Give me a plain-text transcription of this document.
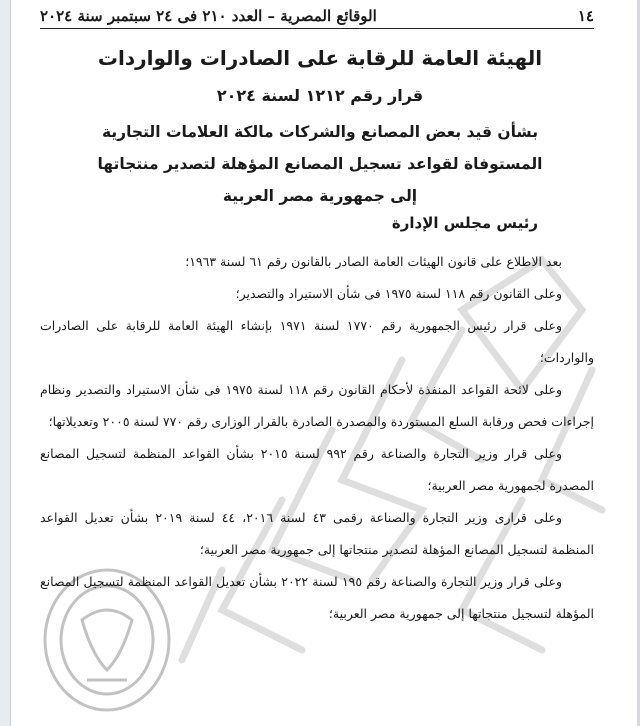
١٤
الوقائع المصرية – العدد ٢١٠ فى ٢٤ سبتمبر سنة ٢٠٢٤
الهيئة العامة للرقابة على الصادرات والواردات
قرار رقم ١٢١٢ لسنة ٢٠٢٤
بشأن قيد بعض المصانع والشركات مالكة العلامات التجارية
المستوفاة لقواعد تسجيل المصانع المؤهلة لتصدير منتجاتها
إلى جمهورية مصر العربية
رئيس مجلس الإدارة

بعد الاطلاع على قانون الهيئات العامة الصادر بالقانون رقم ٦١ لسنة ١٩٦٣؛

وعلى القانون رقم ١١٨ لسنة ١٩٧٥ فى شأن الاستيراد والتصدير؛

وعلى قرار رئيس الجمهورية رقم ١٧٧٠ لسنة ١٩٧١ بإنشاء الهيئة العامة للرقابة على الصادرات والواردات؛

وعلى لائحة القواعد المنفذة لأحكام القانون رقم ١١٨ لسنة ١٩٧٥ فى شأن الاستيراد والتصدير ونظام إجراءات فحص ورقابة السلع المستوردة والمصدرة الصادرة بالقرار الوزارى رقم ٧٧٠ لسنة ٢٠٠٥ وتعديلاتها؛

وعلى قرار وزير التجارة والصناعة رقم ٩٩٢ لسنة ٢٠١٥ بشأن القواعد المنظمة لتسجيل المصانع المصدرة لجمهورية مصر العربية؛

وعلى قرارى وزير التجارة والصناعة رقمى ٤٣ لسنة ٢٠١٦، ٤٤ لسنة ٢٠١٩ بشأن تعديل القواعد المنظمة لتسجيل المصانع المؤهلة لتصدير منتجاتها إلى جمهورية مصر العربية؛

وعلى قرار وزير التجارة والصناعة رقم ١٩٥ لسنة ٢٠٢٢ بشأن تعديل القواعد المنظمة لتسجيل المصانع المؤهلة لتسجيل منتجاتها إلى جمهورية مصر العربية؛
